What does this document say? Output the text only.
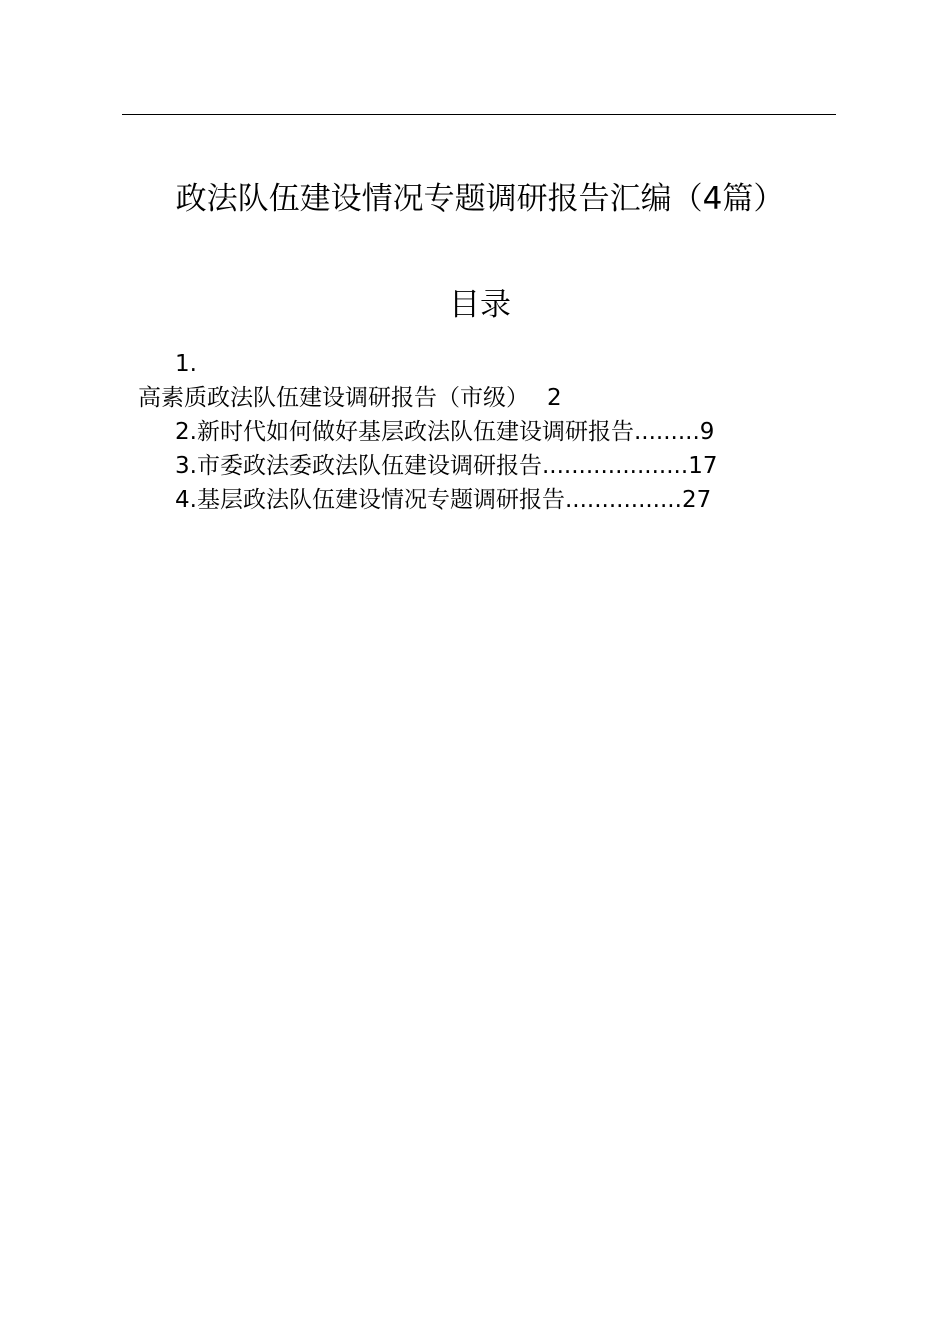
政法队伍建设情况专题调研报告汇编（4篇）
目录
1.
高素质政法队伍建设调研报告（市级） 2
2.新时代如何做好基层政法队伍建设调研报告.........9
3.市委政法委政法队伍建设调研报告....................17
4.基层政法队伍建设情况专题调研报告................27
